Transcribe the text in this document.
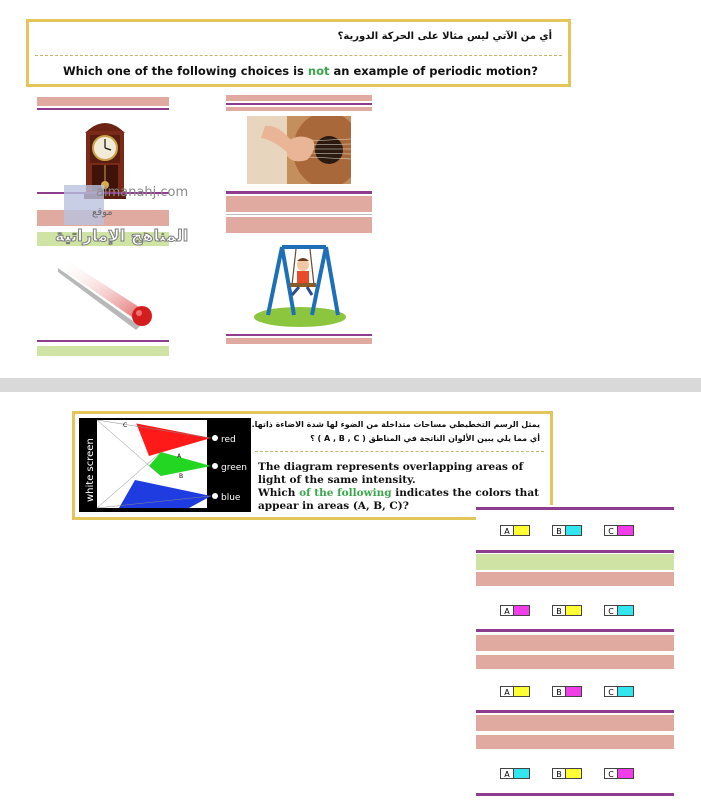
أي من الآتي ليس مثالا على الحركة الدورية؟
Which one of the following choices is not an example of periodic motion?
almanahj.com
موقع
المناهج الإماراتية
white screen	red
green
blue
C
A
B
يمثل الرسم التخطيطي مساحات متداخلة من الضوء لها شدة الاضاءة ذاتها.
أي مما يلي يبين الألوان الناتجة في المناطق ( A , B , C ) ؟
The diagram represents overlapping areas of light of the same intensity.
Which of the following indicates the colors that appear in areas (A, B, C)?
A	B	C
A	B	C
A	B	C
A	B	C
